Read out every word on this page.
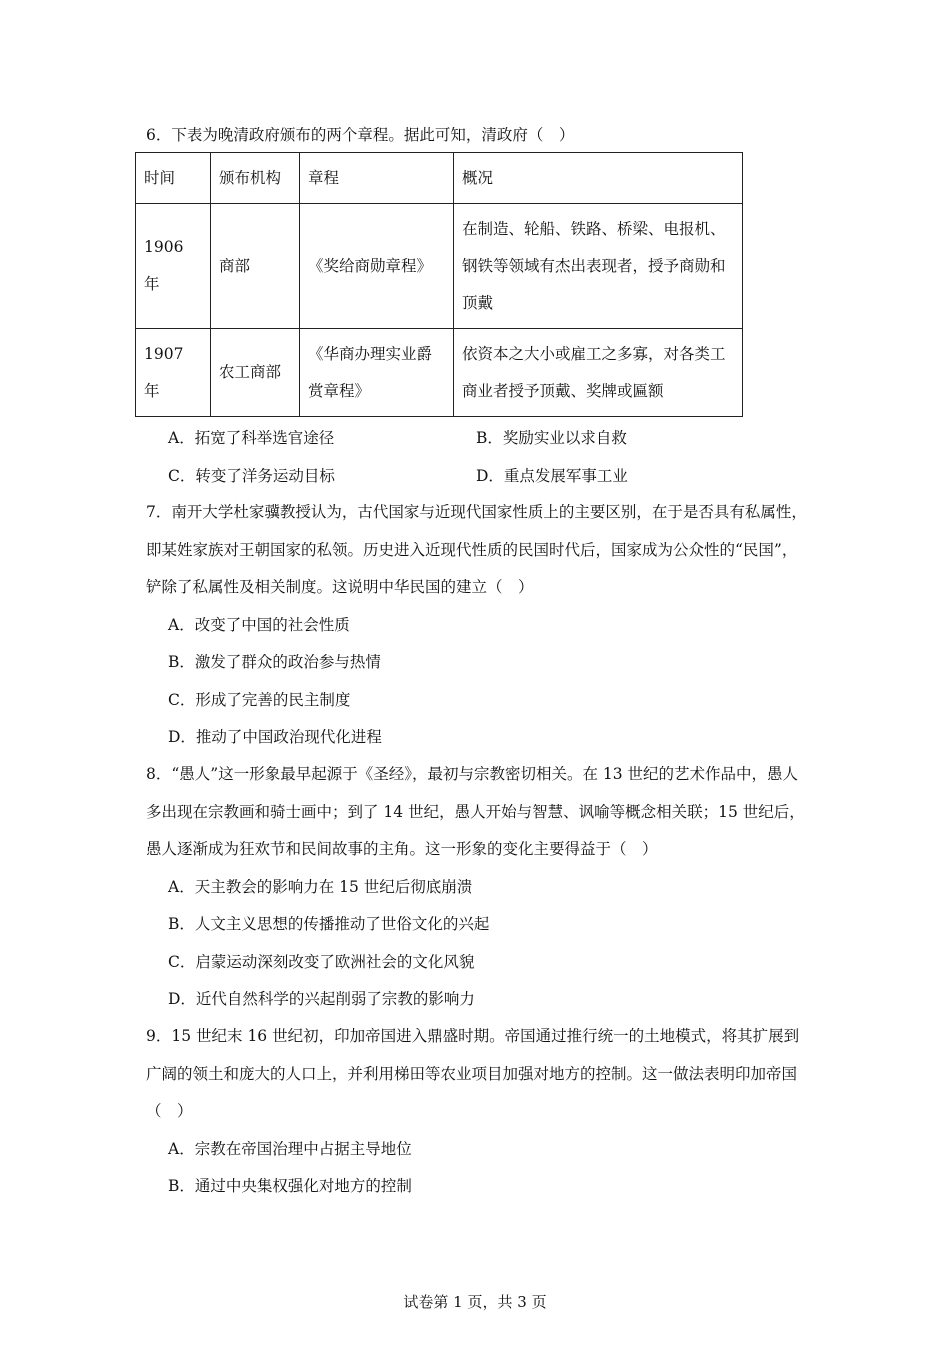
6．下表为晚清政府颁布的两个章程。据此可知，清政府（　）
时间	颁布机构	章程	概况
1906 年	商部	《奖给商勋章程》	在制造、轮船、铁路、桥梁、电报机、钢铁等领域有杰出表现者，授予商勋和顶戴
1907 年	农工商部	《华商办理实业爵赏章程》	依资本之大小或雇工之多寡，对各类工商业者授予顶戴、奖牌或匾额
A．拓宽了科举选官途径	B．奖励实业以求自救
C．转变了洋务运动目标	D．重点发展军事工业
7．南开大学杜家骥教授认为，古代国家与近现代国家性质上的主要区别，在于是否具有私属性，即某姓家族对王朝国家的私领。历史进入近现代性质的民国时代后，国家成为公众性的“民国”，铲除了私属性及相关制度。这说明中华民国的建立（　）
A．改变了中国的社会性质
B．激发了群众的政治参与热情
C．形成了完善的民主制度
D．推动了中国政治现代化进程
8．“愚人”这一形象最早起源于《圣经》，最初与宗教密切相关。在 13 世纪的艺术作品中，愚人多出现在宗教画和骑士画中；到了 14 世纪，愚人开始与智慧、讽喻等概念相关联；15 世纪后，愚人逐渐成为狂欢节和民间故事的主角。这一形象的变化主要得益于（　）
A．天主教会的影响力在 15 世纪后彻底崩溃
B．人文主义思想的传播推动了世俗文化的兴起
C．启蒙运动深刻改变了欧洲社会的文化风貌
D．近代自然科学的兴起削弱了宗教的影响力
9．15 世纪末 16 世纪初，印加帝国进入鼎盛时期。帝国通过推行统一的土地模式，将其扩展到广阔的领土和庞大的人口上，并利用梯田等农业项目加强对地方的控制。这一做法表明印加帝国（　）
A．宗教在帝国治理中占据主导地位
B．通过中央集权强化对地方的控制
试卷第 1 页，共 3 页
